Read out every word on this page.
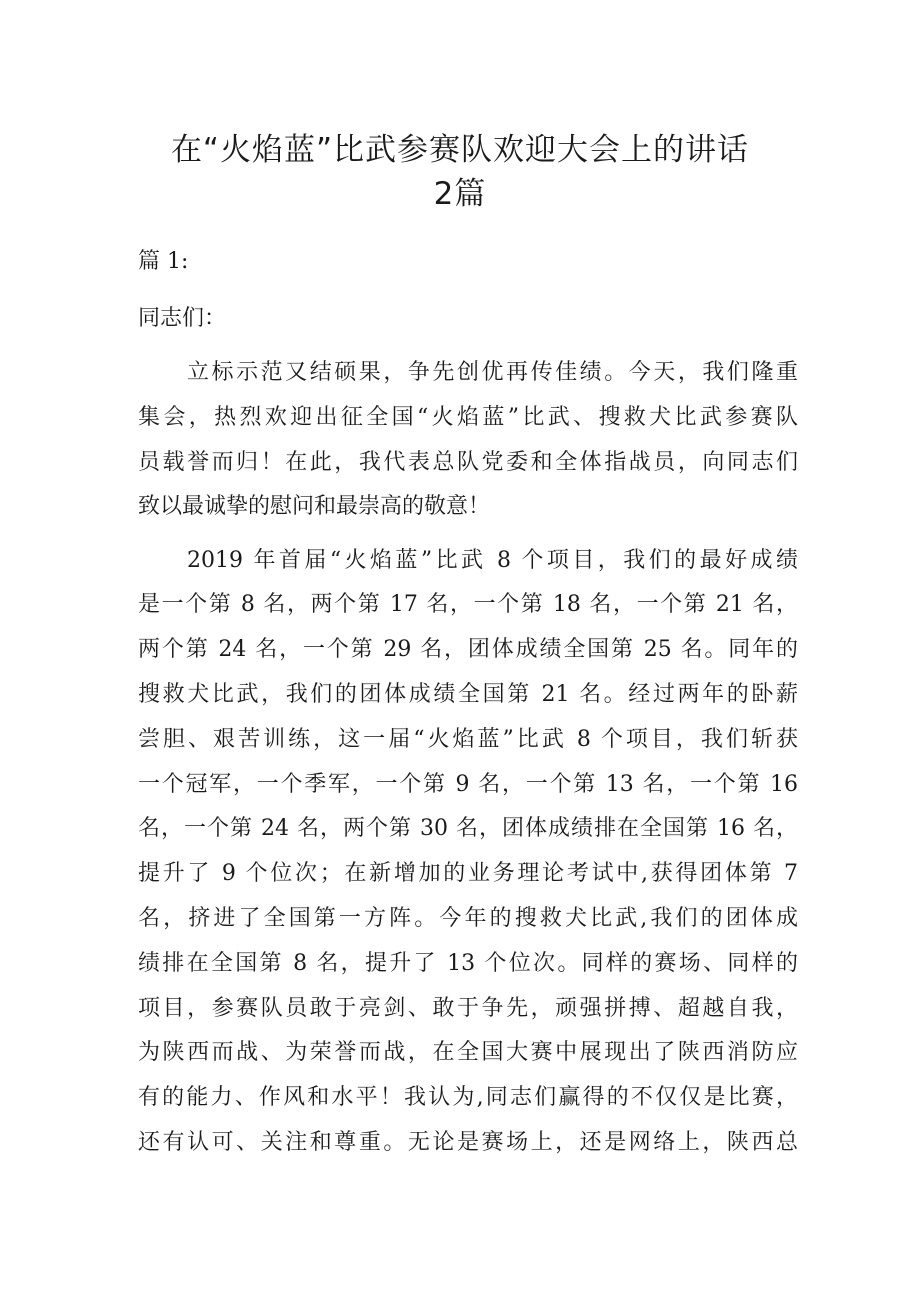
在“火焰蓝”比武参赛队欢迎大会上的讲话
2篇
篇 1:
同志们：
立标示范又结硕果，争先创优再传佳绩。今天，我们隆重
集会，热烈欢迎出征全国“火焰蓝”比武、搜救犬比武参赛队
员载誉而归！在此，我代表总队党委和全体指战员，向同志们
致以最诚挚的慰问和最崇高的敬意！
2019 年首届“火焰蓝”比武 8 个项目，我们的最好成绩
是一个第 8 名，两个第 17 名，一个第 18 名，一个第 21 名，
两个第 24 名，一个第 29 名，团体成绩全国第 25 名。同年的
搜救犬比武，我们的团体成绩全国第 21 名。经过两年的卧薪
尝胆、艰苦训练，这一届“火焰蓝”比武 8 个项目，我们斩获
一个冠军，一个季军，一个第 9 名，一个第 13 名，一个第 16
名，一个第 24 名，两个第 30 名，团体成绩排在全国第 16 名，
提升了 9 个位次；在新增加的业务理论考试中,获得团体第 7
名，挤进了全国第一方阵。今年的搜救犬比武,我们的团体成
绩排在全国第 8 名，提升了 13 个位次。同样的赛场、同样的
项目，参赛队员敢于亮剑、敢于争先，顽强拼搏、超越自我，
为陕西而战、为荣誉而战，在全国大赛中展现出了陕西消防应
有的能力、作风和水平！我认为,同志们赢得的不仅仅是比赛，
还有认可、关注和尊重。无论是赛场上，还是网络上，陕西总
